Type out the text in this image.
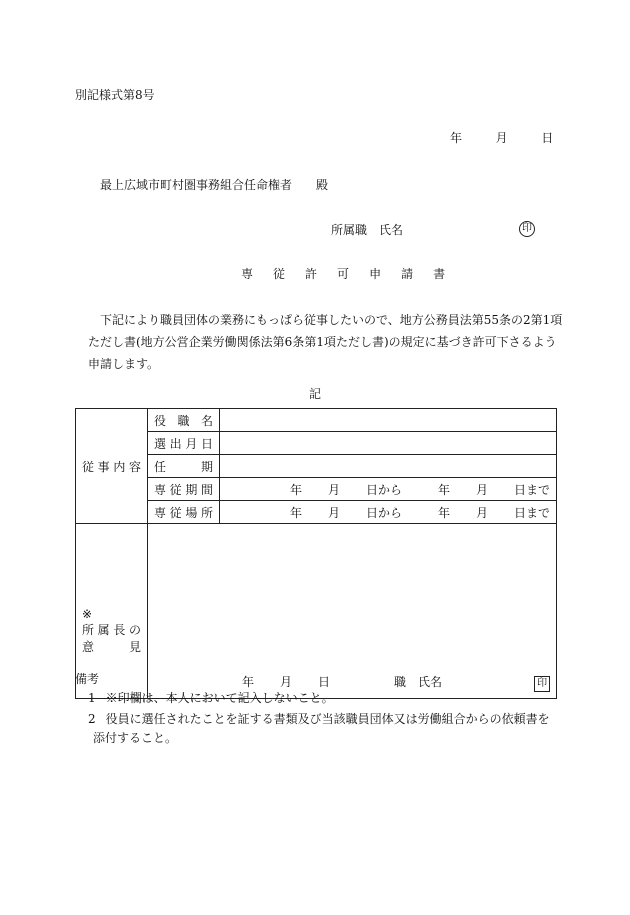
別記様式第8号
年	月	日
最上広域市町村圏事務組合任命権者 殿
所属職　氏名	印
専 従 許 可 申 請 書
下記により職員団体の業務にもっぱら従事したいので、地方公務員法第55条の2第1項
ただし書(地方公営企業労働関係法第6条第1項ただし書)の規定に基づき許可下さるよう
申請します。
記
従事内容	役職名	
	選出月日	
	任期	
	専従期間	年 月 日から 年 月 日まで
	専従場所	年 月 日から 年 月 日まで

※
所属長の
意見	年 月 日 職　氏名 印	
備考
1 ※印欄は、本人において記入しないこと。
2 役員に選任されたことを証する書類及び当該職員団体又は労働組合からの依頼書を
添付すること。
